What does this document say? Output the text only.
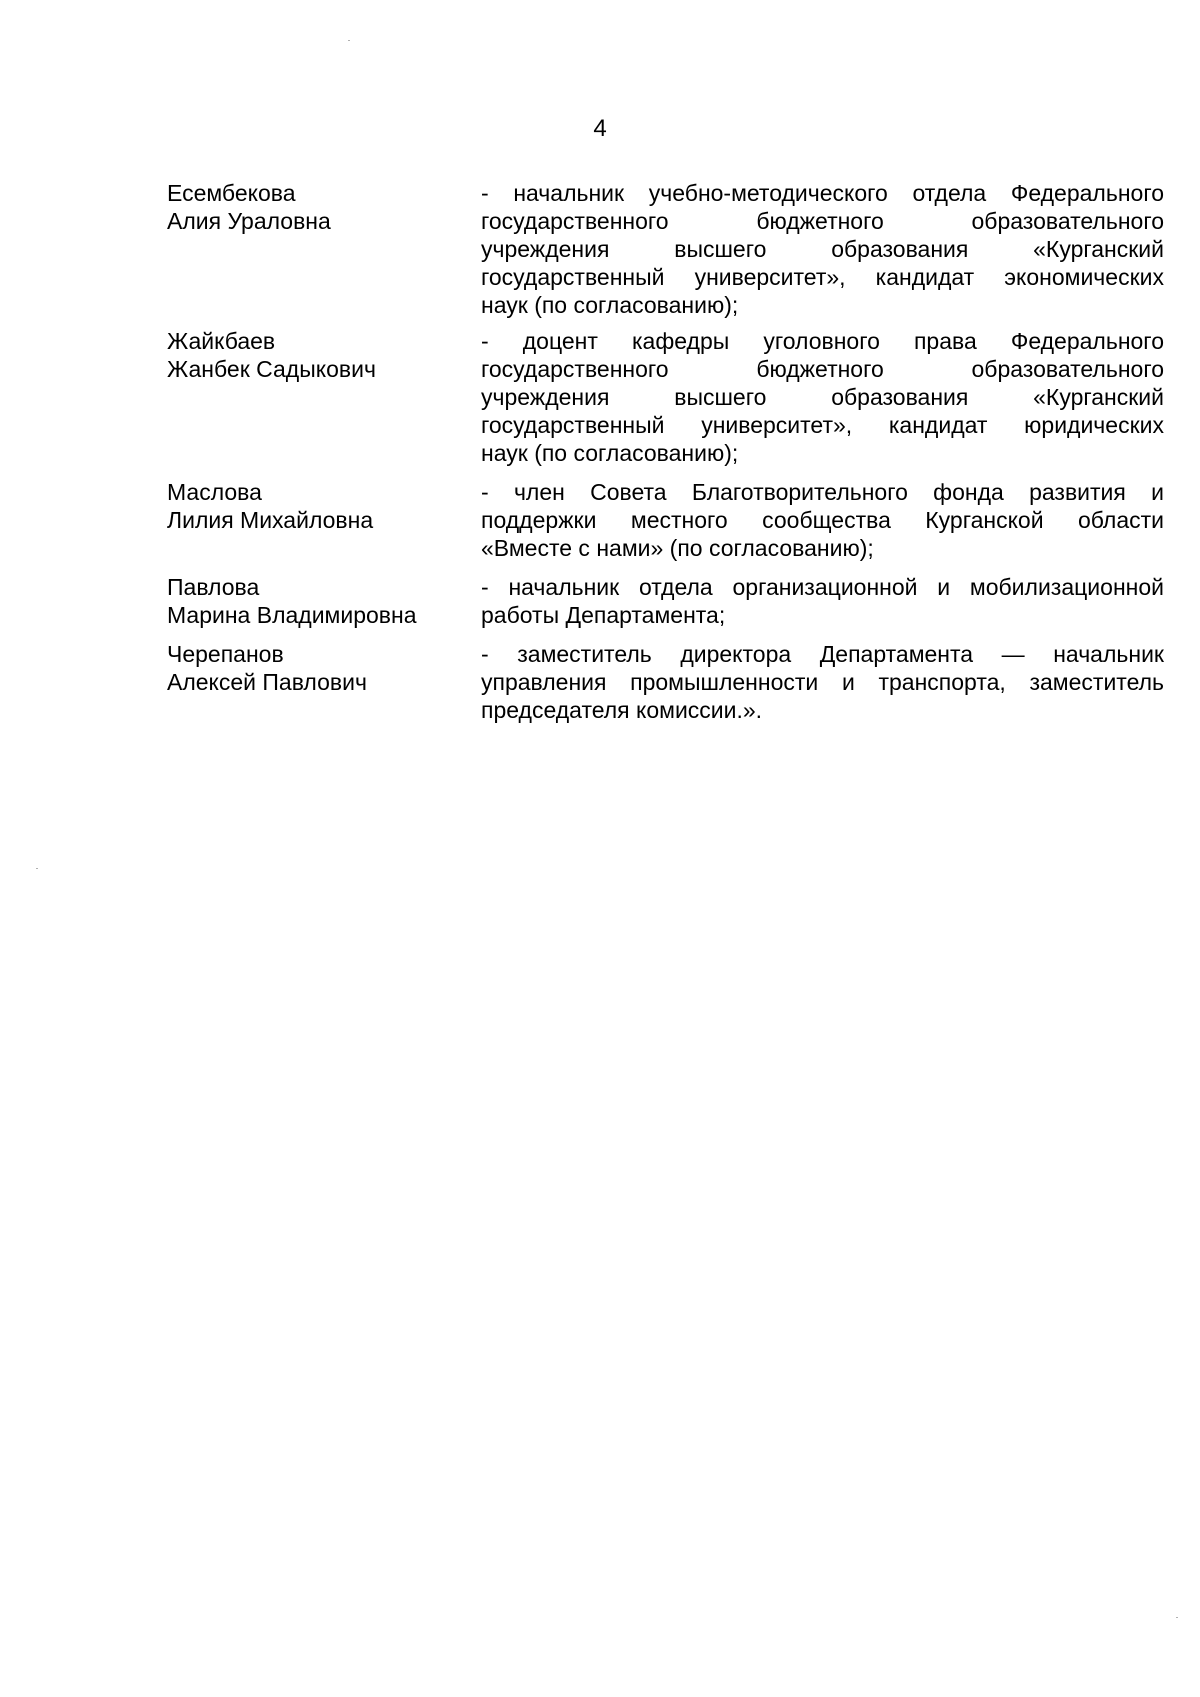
4
Есембекова
Алия Ураловна
- начальник учебно-методического отдела Федерального
государственного бюджетного образовательного
учреждения высшего образования «Курганский
государственный университет», кандидат экономических
наук (по согласованию);
Жайкбаев
Жанбек Садыкович
- доцент кафедры уголовного права Федерального
государственного бюджетного образовательного
учреждения высшего образования «Курганский
государственный университет», кандидат юридических
наук (по согласованию);
Маслова
Лилия Михайловна
- член Совета Благотворительного фонда развития и
поддержки местного сообщества Курганской области
«Вместе с нами» (по согласованию);
Павлова
Марина Владимировна
- начальник отдела организационной и мобилизационной
работы Департамента;
Черепанов
Алексей Павлович
- заместитель директора Департамента — начальник
управления промышленности и транспорта, заместитель
председателя комиссии.».
